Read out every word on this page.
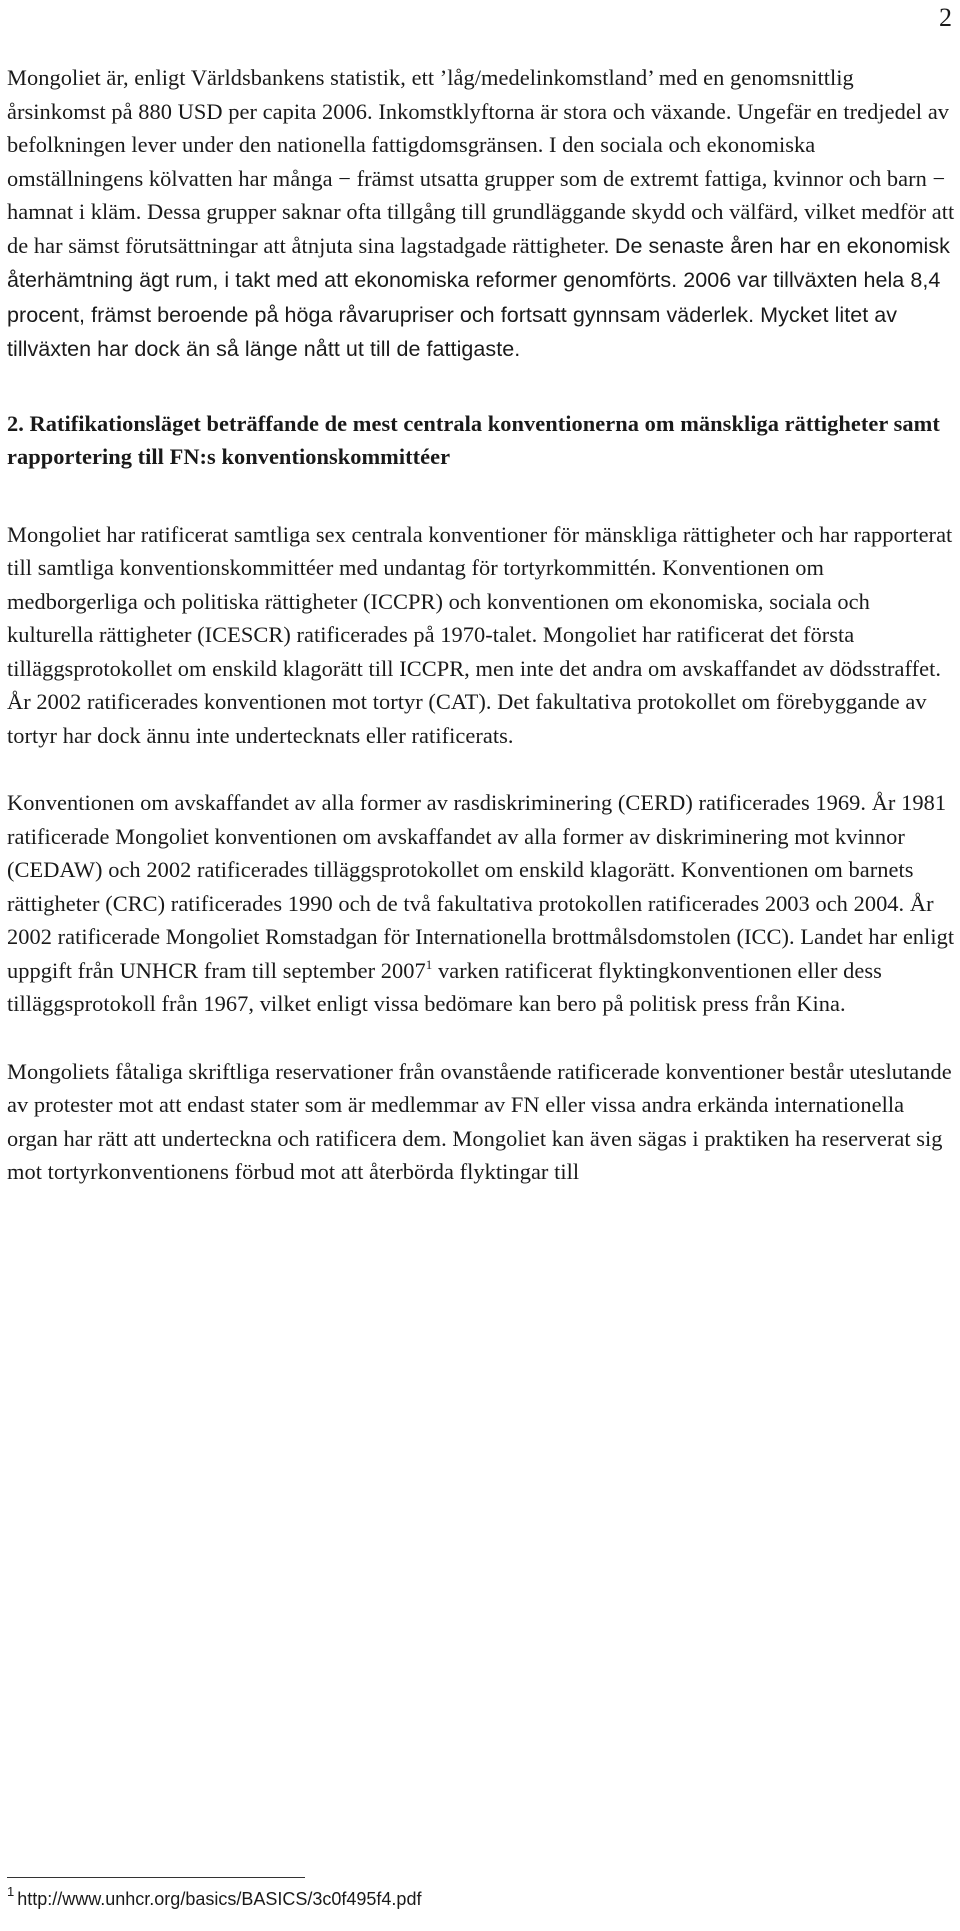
2

Mongoliet är, enligt Världsbankens statistik, ett ’låg/medelinkomstland’ med en genomsnittlig årsinkomst på 880 USD per capita 2006. Inkomstklyftorna är stora och växande. Ungefär en tredjedel av befolkningen lever under den nationella fattigdomsgränsen. I den sociala och ekonomiska omställningens kölvatten har många − främst utsatta grupper som de extremt fattiga, kvinnor och barn − hamnat i kläm. Dessa grupper saknar ofta tillgång till grundläggande skydd och välfärd, vilket medför att de har sämst förutsättningar att åtnjuta sina lagstadgade rättigheter. De senaste åren har en ekonomisk återhämtning ägt rum, i takt med att ekonomiska reformer genomförts. 2006 var tillväxten hela 8,4 procent, främst beroende på höga råvarupriser och fortsatt gynnsam väderlek. Mycket litet av tillväxten har dock än så länge nått ut till de fattigaste.

2. Ratifikationsläget beträffande de mest centrala konventionerna om mänskliga rättigheter samt rapportering till FN:s konventionskommittéer

Mongoliet har ratificerat samtliga sex centrala konventioner för mänskliga rättigheter och har rapporterat till samtliga konventionskommittéer med undantag för tortyrkommittén. Konventionen om medborgerliga och politiska rättigheter (ICCPR) och konventionen om ekonomiska, sociala och kulturella rättigheter (ICESCR) ratificerades på 1970-talet. Mongoliet har ratificerat det första tilläggsprotokollet om enskild klagorätt till ICCPR, men inte det andra om avskaffandet av dödsstraffet. År 2002 ratificerades konventionen mot tortyr (CAT). Det fakultativa protokollet om förebyggande av tortyr har dock ännu inte undertecknats eller ratificerats.

Konventionen om avskaffandet av alla former av rasdiskriminering (CERD) ratificerades 1969. År 1981 ratificerade Mongoliet konventionen om avskaffandet av alla former av diskriminering mot kvinnor (CEDAW) och 2002 ratificerades tilläggsprotokollet om enskild klagorätt. Konventionen om barnets rättigheter (CRC) ratificerades 1990 och de två fakultativa protokollen ratificerades 2003 och 2004. År 2002 ratificerade Mongoliet Romstadgan för Internationella brottmålsdomstolen (ICC). Landet har enligt uppgift från UNHCR fram till september 2007$^1$ varken ratificerat flyktingkonventionen eller dess tilläggsprotokoll från 1967, vilket enligt vissa bedömare kan bero på politisk press från Kina.

Mongoliets fåtaliga skriftliga reservationer från ovanstående ratificerade konventioner består uteslutande av protester mot att endast stater som är medlemmar av FN eller vissa andra erkända internationella organ har rätt att underteckna och ratificera dem. Mongoliet kan även sägas i praktiken ha reserverat sig mot tortyrkonventionens förbud mot att återbörda flyktingar till

$^1$ http://www.unhcr.org/basics/BASICS/3c0f495f4.pdf
